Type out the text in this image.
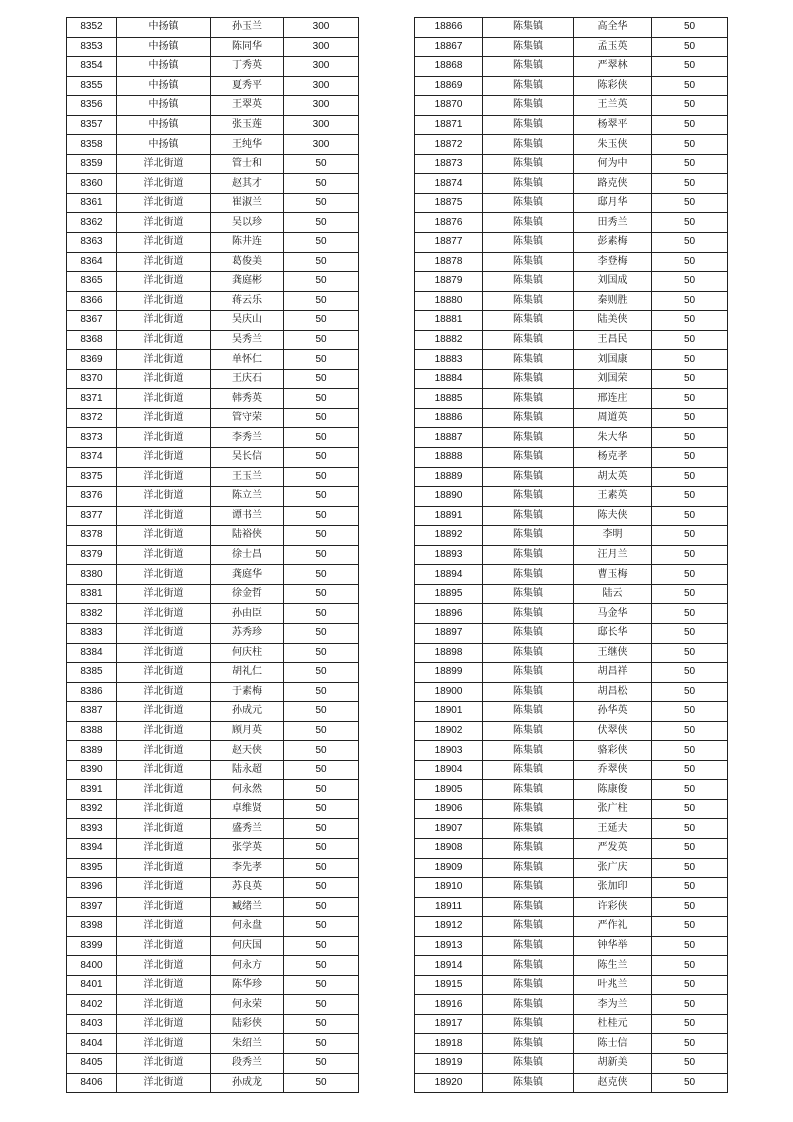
8352	中扬镇	孙玉兰	300
8353	中扬镇	陈同华	300
8354	中扬镇	丁秀英	300
8355	中扬镇	夏秀平	300
8356	中扬镇	王翠英	300
8357	中扬镇	张玉莲	300
8358	中扬镇	王纯华	300
8359	洋北街道	管士和	50
8360	洋北街道	赵其才	50
8361	洋北街道	崔淑兰	50
8362	洋北街道	吴以珍	50
8363	洋北街道	陈井连	50
8364	洋北街道	葛俊美	50
8365	洋北街道	龚庭彬	50
8366	洋北街道	蒋云乐	50
8367	洋北街道	吴庆山	50
8368	洋北街道	吴秀兰	50
8369	洋北街道	单怀仁	50
8370	洋北街道	王庆石	50
8371	洋北街道	韩秀英	50
8372	洋北街道	管守荣	50
8373	洋北街道	李秀兰	50
8374	洋北街道	吴长信	50
8375	洋北街道	王玉兰	50
8376	洋北街道	陈立兰	50
8377	洋北街道	谭书兰	50
8378	洋北街道	陆裕侠	50
8379	洋北街道	徐士昌	50
8380	洋北街道	龚庭华	50
8381	洋北街道	徐金哲	50
8382	洋北街道	孙由臣	50
8383	洋北街道	苏秀珍	50
8384	洋北街道	何庆柱	50
8385	洋北街道	胡礼仁	50
8386	洋北街道	于素梅	50
8387	洋北街道	孙成元	50
8388	洋北街道	顾月英	50
8389	洋北街道	赵天侠	50
8390	洋北街道	陆永超	50
8391	洋北街道	何永然	50
8392	洋北街道	卓维贤	50
8393	洋北街道	盛秀兰	50
8394	洋北街道	张学英	50
8395	洋北街道	李先孝	50
8396	洋北街道	苏良英	50
8397	洋北街道	臧绪兰	50
8398	洋北街道	何永盘	50
8399	洋北街道	何庆国	50
8400	洋北街道	何永方	50
8401	洋北街道	陈华珍	50
8402	洋北街道	何永荣	50
8403	洋北街道	陆彩侠	50
8404	洋北街道	朱绍兰	50
8405	洋北街道	段秀兰	50
8406	洋北街道	孙成龙	50
18866	陈集镇	高全华	50
18867	陈集镇	孟玉英	50
18868	陈集镇	严翠林	50
18869	陈集镇	陈彩侠	50
18870	陈集镇	王兰英	50
18871	陈集镇	杨翠平	50
18872	陈集镇	朱玉侠	50
18873	陈集镇	何为中	50
18874	陈集镇	路克侠	50
18875	陈集镇	邸月华	50
18876	陈集镇	田秀兰	50
18877	陈集镇	彭素梅	50
18878	陈集镇	李登梅	50
18879	陈集镇	刘国成	50
18880	陈集镇	秦则胜	50
18881	陈集镇	陆美侠	50
18882	陈集镇	王昌民	50
18883	陈集镇	刘国康	50
18884	陈集镇	刘国荣	50
18885	陈集镇	邢连庄	50
18886	陈集镇	周道英	50
18887	陈集镇	朱大华	50
18888	陈集镇	杨克孝	50
18889	陈集镇	胡太英	50
18890	陈集镇	王素英	50
18891	陈集镇	陈夫侠	50
18892	陈集镇	李明	50
18893	陈集镇	汪月兰	50
18894	陈集镇	曹玉梅	50
18895	陈集镇	陆云	50
18896	陈集镇	马金华	50
18897	陈集镇	邸长华	50
18898	陈集镇	王继侠	50
18899	陈集镇	胡昌祥	50
18900	陈集镇	胡昌松	50
18901	陈集镇	孙华英	50
18902	陈集镇	伏翠侠	50
18903	陈集镇	骆彩侠	50
18904	陈集镇	乔翠侠	50
18905	陈集镇	陈康俊	50
18906	陈集镇	张广柱	50
18907	陈集镇	王延夫	50
18908	陈集镇	严发英	50
18909	陈集镇	张广庆	50
18910	陈集镇	张加印	50
18911	陈集镇	许彩侠	50
18912	陈集镇	严作礼	50
18913	陈集镇	钟华举	50
18914	陈集镇	陈生兰	50
18915	陈集镇	叶兆兰	50
18916	陈集镇	李为兰	50
18917	陈集镇	杜桂元	50
18918	陈集镇	陈士信	50
18919	陈集镇	胡新美	50
18920	陈集镇	赵克侠	50
